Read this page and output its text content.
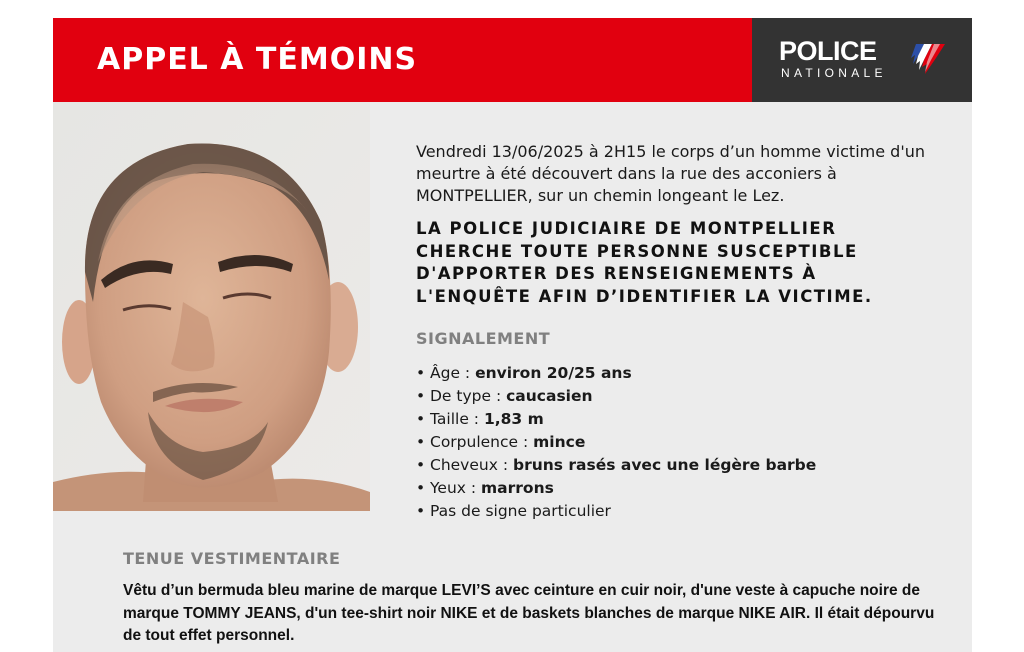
APPEL À TÉMOINS	POLICE
NATIONALE
Vendredi 13/06/2025 à 2H15 le corps d’un homme victime d'un meurtre à été découvert dans la rue des acconiers à MONTPELLIER, sur un chemin longeant le Lez.
LA POLICE JUDICIAIRE DE MONTPELLIER CHERCHE TOUTE PERSONNE SUSCEPTIBLE D'APPORTER DES RENSEIGNEMENTS À L'ENQUÊTE AFIN D’IDENTIFIER LA VICTIME.
SIGNALEMENT
• Âge : environ 20/25 ans
• De type : caucasien
• Taille : 1,83 m
• Corpulence : mince
• Cheveux : bruns rasés avec une légère barbe
• Yeux : marrons
• Pas de signe particulier
TENUE VESTIMENTAIRE
Vêtu d’un bermuda bleu marine de marque LEVI’S avec ceinture en cuir noir, d'une veste à capuche noire de marque TOMMY JEANS, d'un tee-shirt noir NIKE et de baskets blanches de marque NIKE AIR. Il était dépourvu de tout effet personnel.
